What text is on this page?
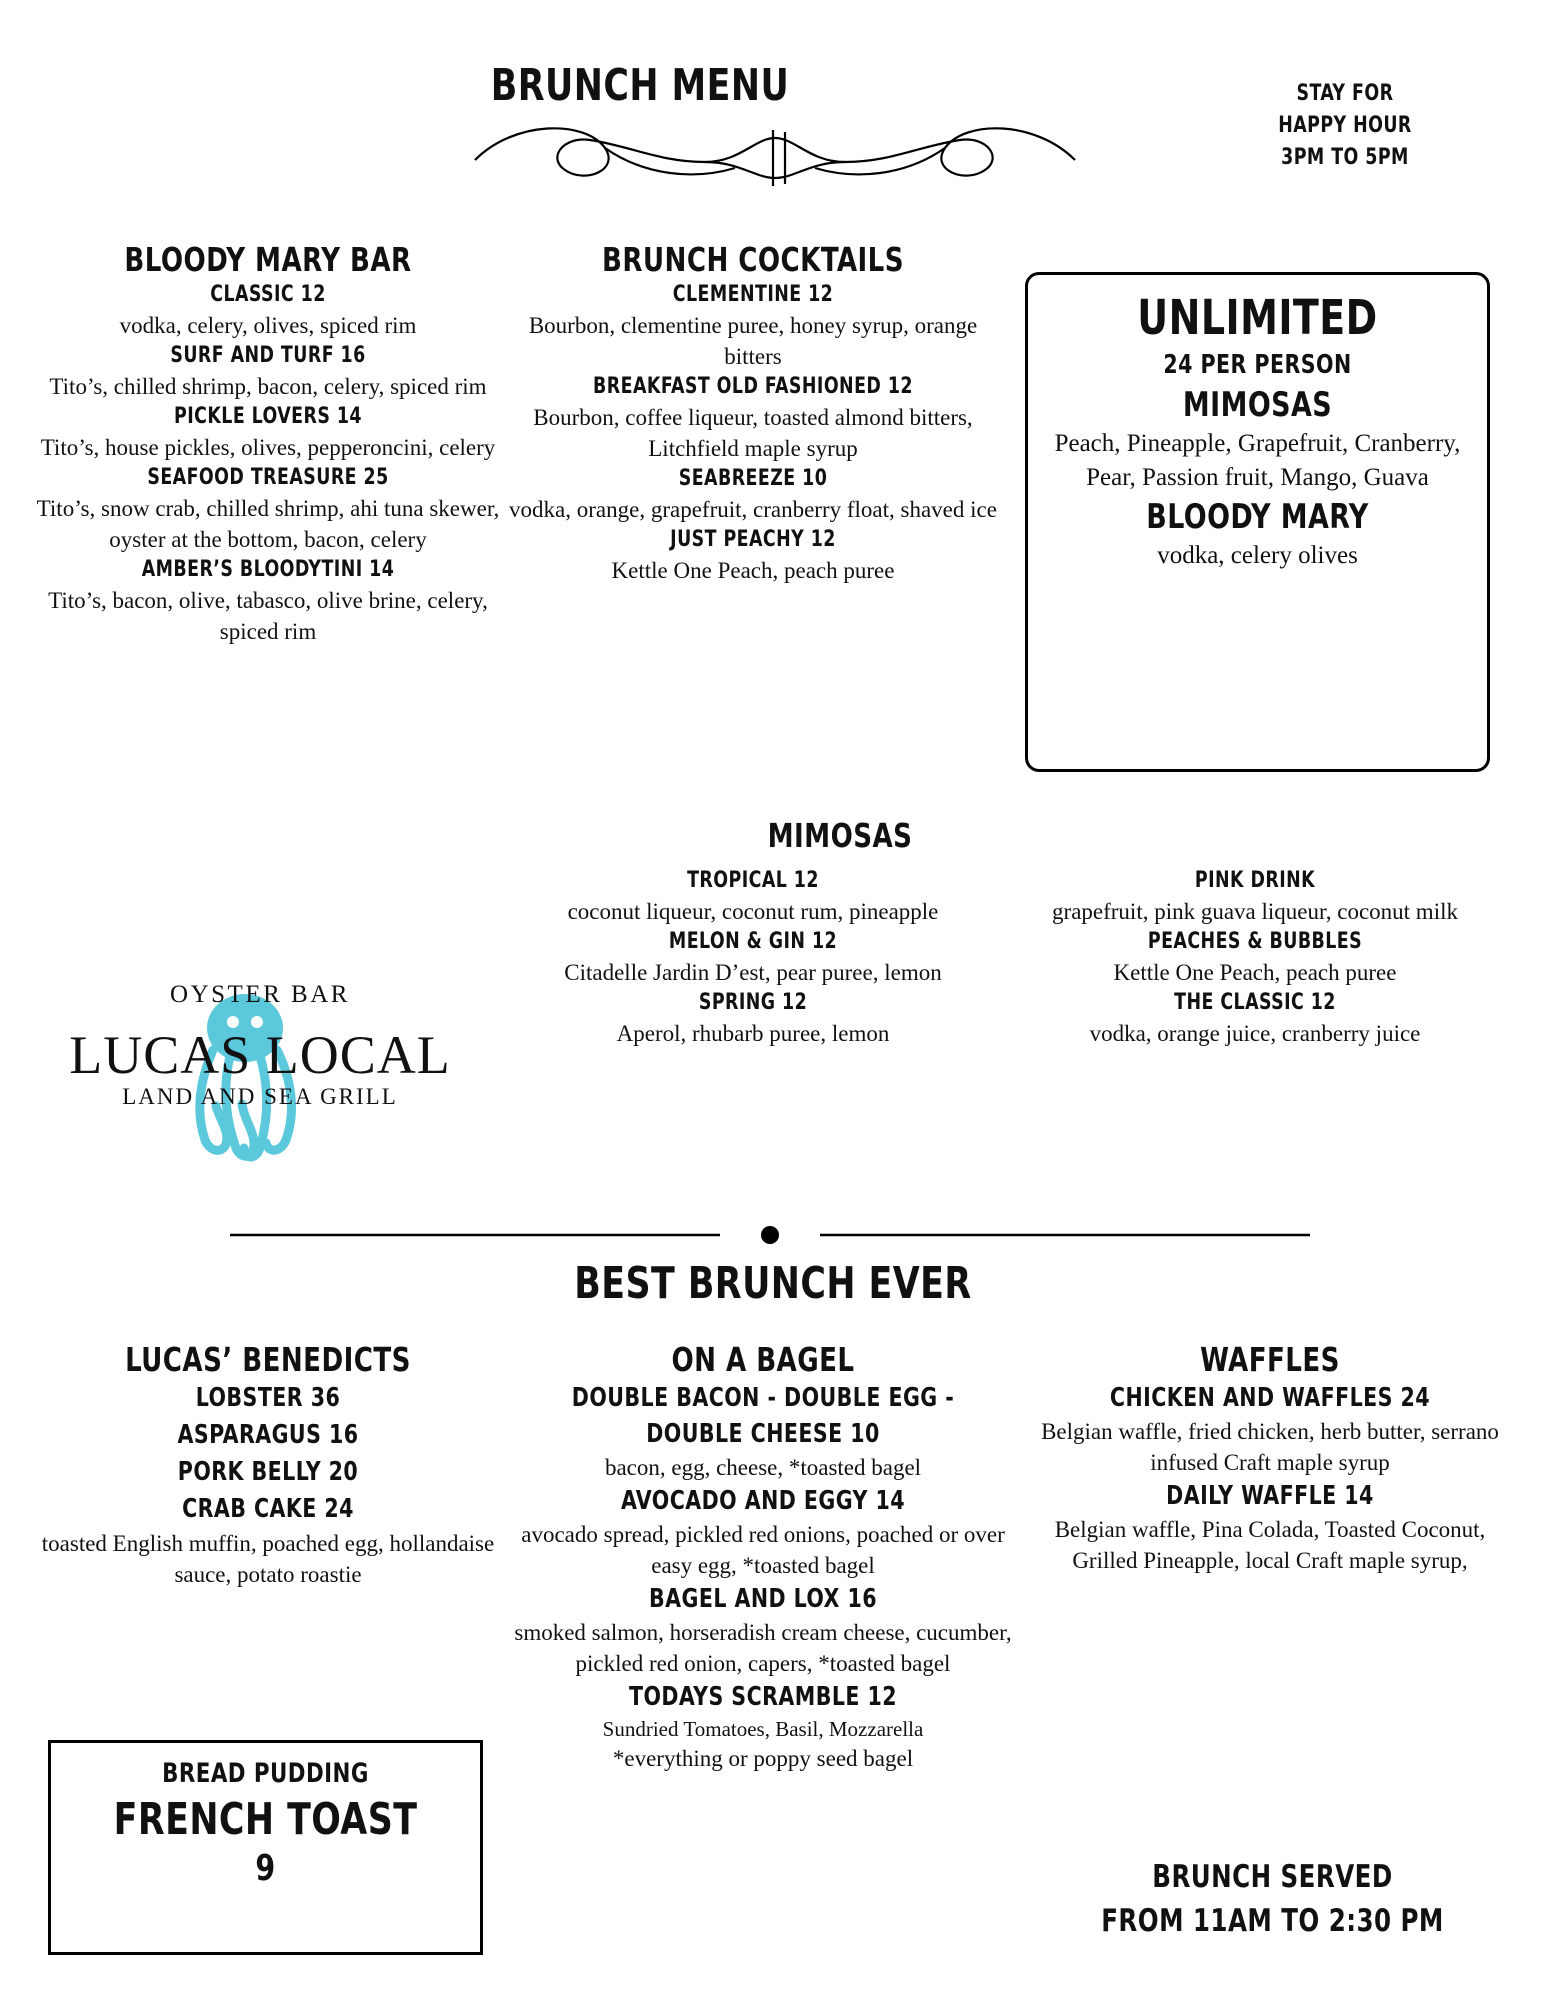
BRUNCH MENU	STAY FOR
HAPPY HOUR
3PM TO 5PM
BLOODY MARY BAR
CLASSIC 12
vodka, celery, olives, spiced rim
SURF AND TURF 16
Tito’s, chilled shrimp, bacon, celery, spiced rim
PICKLE LOVERS 14
Tito’s, house pickles, olives, pepperoncini, celery
SEAFOOD TREASURE 25
Tito’s, snow crab, chilled shrimp, ahi tuna skewer, oyster at the bottom, bacon, celery
AMBER’S BLOODYTINI 14
Tito’s, bacon, olive, tabasco, olive brine, celery, spiced rim
BRUNCH COCKTAILS
CLEMENTINE 12
Bourbon, clementine puree, honey syrup, orange bitters
BREAKFAST OLD FASHIONED 12
Bourbon, coffee liqueur, toasted almond bitters, Litchfield maple syrup
SEABREEZE 10
vodka, orange, grapefruit, cranberry float, shaved ice
JUST PEACHY 12
Kettle One Peach, peach puree
UNLIMITED
24 PER PERSON
MIMOSAS
Peach, Pineapple, Grapefruit, Cranberry, Pear, Passion fruit, Mango, Guava
BLOODY MARY
vodka, celery olives
MIMOSAS
TROPICAL 12
coconut liqueur, coconut rum, pineapple
MELON & GIN 12
Citadelle Jardin D’est, pear puree, lemon
SPRING 12
Aperol, rhubarb puree, lemon
PINK DRINK
grapefruit, pink guava liqueur, coconut milk
PEACHES & BUBBLES
Kettle One Peach, peach puree
THE CLASSIC 12
vodka, orange juice, cranberry juice
OYSTER BAR
LUCAS LOCAL
LAND AND SEA GRILL
BEST BRUNCH EVER
LUCAS’ BENEDICTS
LOBSTER 36
ASPARAGUS 16
PORK BELLY 20
CRAB CAKE 24
toasted English muffin, poached egg, hollandaise sauce, potato roastie
BREAD PUDDING
FRENCH TOAST
9
ON A BAGEL
DOUBLE BACON - DOUBLE EGG - DOUBLE CHEESE 10
bacon, egg, cheese, *toasted bagel
AVOCADO AND EGGY 14
avocado spread, pickled red onions, poached or over easy egg, *toasted bagel
BAGEL AND LOX 16
smoked salmon, horseradish cream cheese, cucumber, pickled red onion, capers, *toasted bagel
TODAYS SCRAMBLE 12
Sundried Tomatoes, Basil, Mozzarella
*everything or poppy seed bagel
WAFFLES
CHICKEN AND WAFFLES 24
Belgian waffle, fried chicken, herb butter, serrano infused Craft maple syrup
DAILY WAFFLE 14
Belgian waffle, Pina Colada, Toasted Coconut, Grilled Pineapple, local Craft maple syrup,
BRUNCH SERVED
FROM 11AM TO 2:30 PM
